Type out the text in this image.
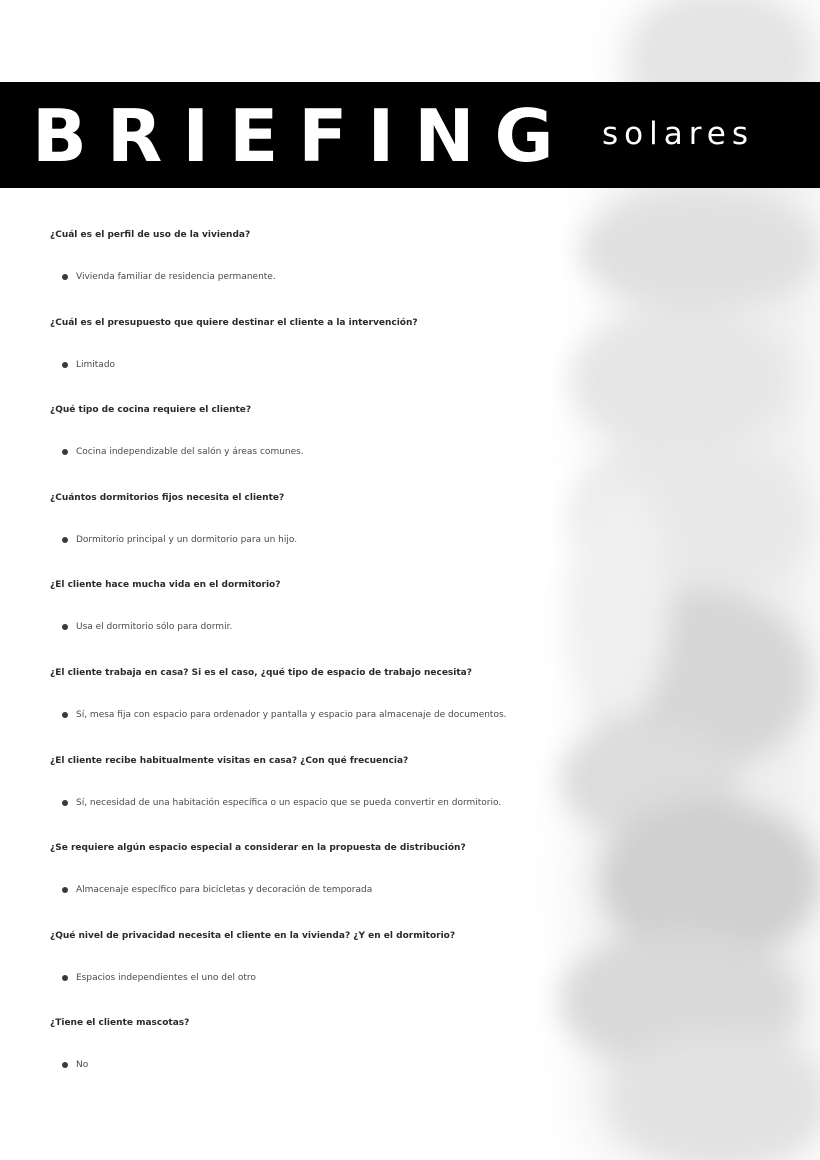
BRIEFING solares
¿Cuál es el perfil de uso de la vivienda?
Vivienda familiar de residencia permanente.
¿Cuál es el presupuesto que quiere destinar el cliente a la intervención?
Limitado
¿Qué tipo de cocina requiere el cliente?
Cocina independizable del salón y áreas comunes.
¿Cuántos dormitorios fijos necesita el cliente?
Dormitorio principal y un dormitorio para un hijo.
¿El cliente hace mucha vida en el dormitorio?
Usa el dormitorio sólo para dormir.
¿El cliente trabaja en casa? Si es el caso, ¿qué tipo de espacio de trabajo necesita?
Sí, mesa fija con espacio para ordenador y pantalla y espacio para almacenaje de documentos.
¿El cliente recibe habitualmente visitas en casa? ¿Con qué frecuencia?
Sí, necesidad de una habitación específica o un espacio que se pueda convertir en dormitorio.
¿Se requiere algún espacio especial a considerar en la propuesta de distribución?
Almacenaje específico para bicicletas y decoración de temporada
¿Qué nivel de privacidad necesita el cliente en la vivienda? ¿Y en el dormitorio?
Espacios independientes el uno del otro
¿Tiene el cliente mascotas?
No
